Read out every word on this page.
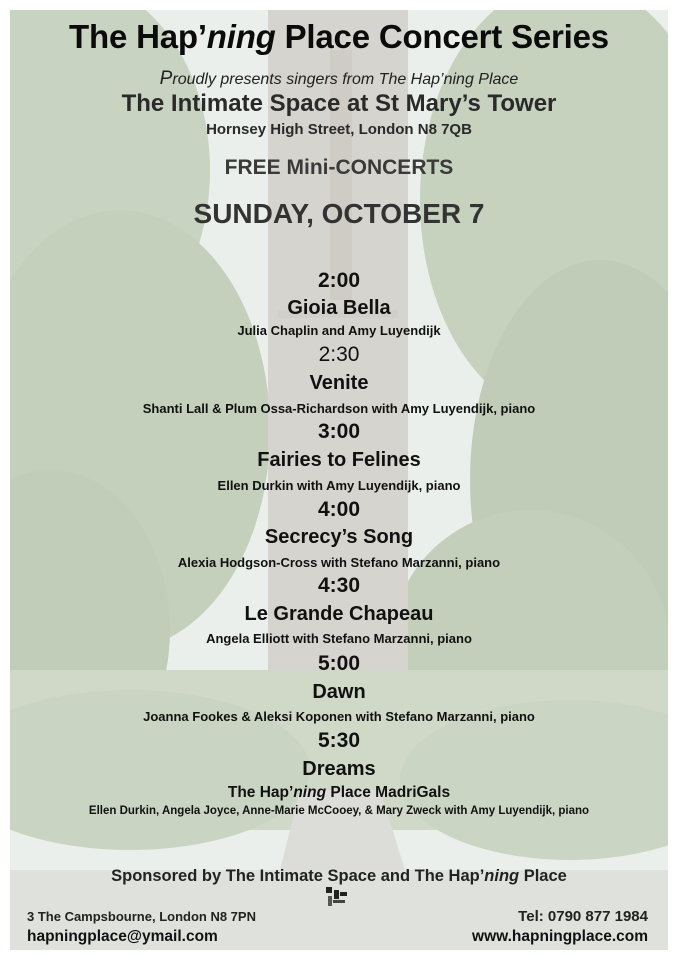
The Hap’ning Place Concert Series
Proudly presents singers from The Hap’ning Place
The Intimate Space at St Mary’s Tower
Hornsey High Street, London N8 7QB
FREE Mini-CONCERTS
SUNDAY, OCTOBER 7
2:00
Gioia Bella
Julia Chaplin and Amy Luyendijk
2:30
Venite
Shanti Lall & Plum Ossa-Richardson with Amy Luyendijk, piano
3:00
Fairies to Felines
Ellen Durkin with Amy Luyendijk, piano
4:00
Secrecy’s Song
Alexia Hodgson-Cross with Stefano Marzanni, piano
4:30
Le Grande Chapeau
Angela Elliott with Stefano Marzanni, piano
5:00
Dawn
Joanna Fookes & Aleksi Koponen with Stefano Marzanni, piano
5:30
Dreams
The Hap’ning Place MadriGals
Ellen Durkin, Angela Joyce, Anne-Marie McCooey, & Mary Zweck with Amy Luyendijk, piano
Sponsored by The Intimate Space and The Hap’ning Place
3 The Campsbourne, London N8 7PN
hapningplace@ymail.com
Tel: 0790 877 1984
www.hapningplace.com
